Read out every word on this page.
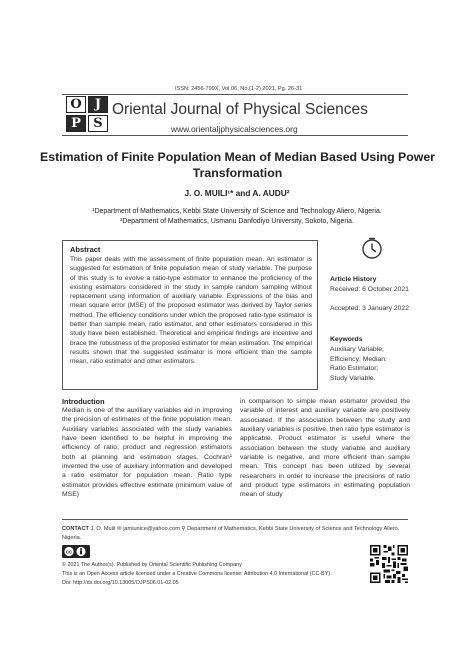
ISSN: 2456-799X, Vol.06, No.(1-2) 2021, Pg. 26-31
O	J
P S
Oriental Journal of Physical Sciences
www.orientaljphysicalsciences.org
Estimation of Finite Population Mean of Median Based Using Power Transformation
J. O. MUILI¹* and A. AUDU²
¹Department of Mathematics, Kebbi State University of Science and Technology Aliero, Nigeria.
²Department of Mathematics, Usmanu Danfodiyo University, Sokoto, Nigeria.
Abstract
This paper deals with the assessment of finite population mean. An estimator is suggested for estimation of finite population mean of study variable. The purpose of this study is to evolve a ratio-type estimator to enhance the proficiency of the existing estimators considered in the study in sample random sampling without replacement using information of auxiliary variable. Expressions of the bias and mean square error (MSE) of the proposed estimator was derived by Taylor series method. The efficiency conditions under which the proposed ratio-type estimator is better than sample mean, ratio estimator, and other estimators considered in this study have been established. Theoretical and empirical findings are incentive and brace the robustness of the proposed estimator for mean estimation. The empirical results shown that the suggested estimator is more efficient than the sample mean, ratio estimator and other estimators.
Article History
Received: 6 October 2021
Accepted: 3 January 2022
Keywords
Auxiliary Variable;
Efficiency; Median;
Ratio Estimator;
Study Variable.
Introduction
Median is one of the auxiliary variables aid in improving the precision of estimates of the finite population mean. Auxiliary variables associated with the study variables have been identified to be helpful in improving the efficiency of ratio, product and regression estimators both at planning and estimation stages. Cochran¹ invented the use of auxiliary information and developed a ratio estimator for population mean. Ratio type estimator provides effective estimate (minimum value of MSE)
in comparison to simple mean estimator provided the variable of interest and auxiliary variable are positively associated. If the association between the study and auxiliary variables is positive, then ratio type estimator is applicable. Product estimator is useful where the association between the study variable and auxiliary variable is negative, and more efficient than sample mean. This concept has been utilized by several researchers in order to increase the precisions of ratio and product type estimators in estimating population mean of study
CONTACT J. O. Muili ✉ jamiunice@yahoo.com ⚲ Department of Mathematics, Kebbi State University of Science and Technology Aliero, Nigeria.
cc
© 2021 The Author(s). Published by Oriental Scientific Publishing Company
This is an Open Access article licensed under a Creative Commons license: Attribution 4.0 International (CC-BY).
Doi: http://dx.doi.org/10.13005/OJPS06.01-02.05
